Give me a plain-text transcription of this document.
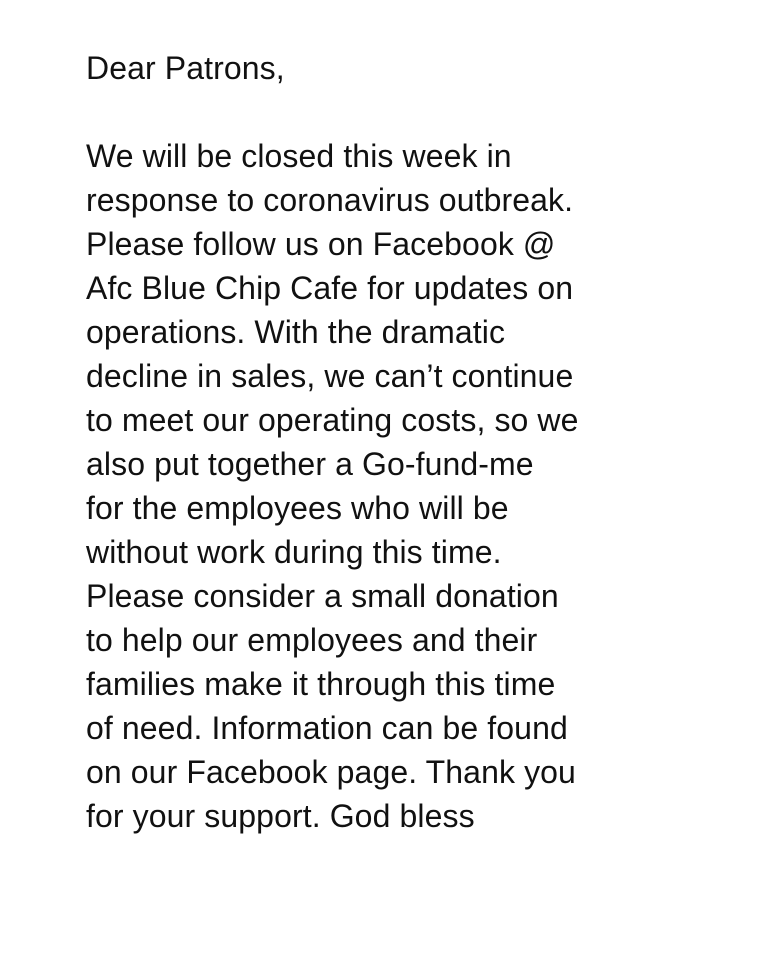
Dear Patrons,

We will be closed this week in
response to coronavirus outbreak.
Please follow us on Facebook @
Afc Blue Chip Cafe for updates on
operations. With the dramatic
decline in sales, we can’t continue
to meet our operating costs, so we
also put together a Go-fund-me
for the employees who will be
without work during this time.
Please consider a small donation
to help our employees and their
families make it through this time
of need. Information can be found
on our Facebook page. Thank you
for your support. God bless
